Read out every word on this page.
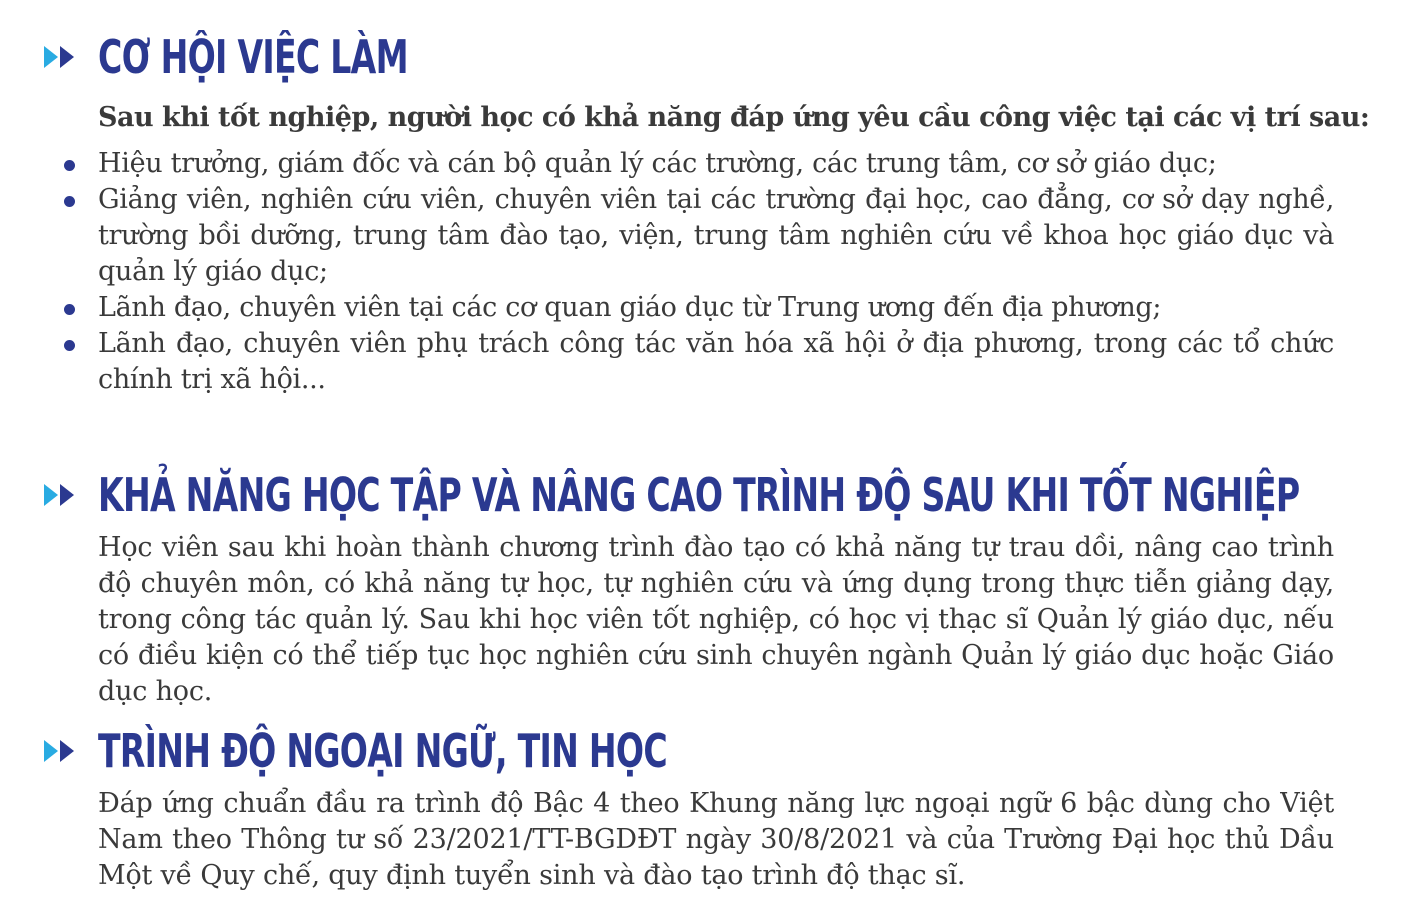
CƠ HỘI VIỆC LÀM
Sau khi tốt nghiệp, người học có khả năng đáp ứng yêu cầu công việc tại các vị trí sau:
Hiệu trưởng, giám đốc và cán bộ quản lý các trường, các trung tâm, cơ sở giáo dục;
Giảng viên, nghiên cứu viên, chuyên viên tại các trường đại học, cao đẳng, cơ sở dạy nghề, trường bồi dưỡng, trung tâm đào tạo, viện, trung tâm nghiên cứu về khoa học giáo dục và quản lý giáo dục;
Lãnh đạo, chuyên viên tại các cơ quan giáo dục từ Trung ương đến địa phương;
Lãnh đạo, chuyên viên phụ trách công tác văn hóa xã hội ở địa phương, trong các tổ chức chính trị xã hội...
KHẢ NĂNG HỌC TẬP VÀ NÂNG CAO TRÌNH ĐỘ SAU KHI TỐT NGHIỆP
Học viên sau khi hoàn thành chương trình đào tạo có khả năng tự trau dồi, nâng cao trình độ chuyên môn, có khả năng tự học, tự nghiên cứu và ứng dụng trong thực tiễn giảng dạy, trong công tác quản lý. Sau khi học viên tốt nghiệp, có học vị thạc sĩ Quản lý giáo dục, nếu có điều kiện có thể tiếp tục học nghiên cứu sinh chuyên ngành Quản lý giáo dục hoặc Giáo dục học.
TRÌNH ĐỘ NGOẠI NGỮ, TIN HỌC
Đáp ứng chuẩn đầu ra trình độ Bậc 4 theo Khung năng lực ngoại ngữ 6 bậc dùng cho Việt Nam theo Thông tư số 23/2021/TT-BGDĐT ngày 30/8/2021 và của Trường Đại học thủ Dầu Một về Quy chế, quy định tuyển sinh và đào tạo trình độ thạc sĩ.
